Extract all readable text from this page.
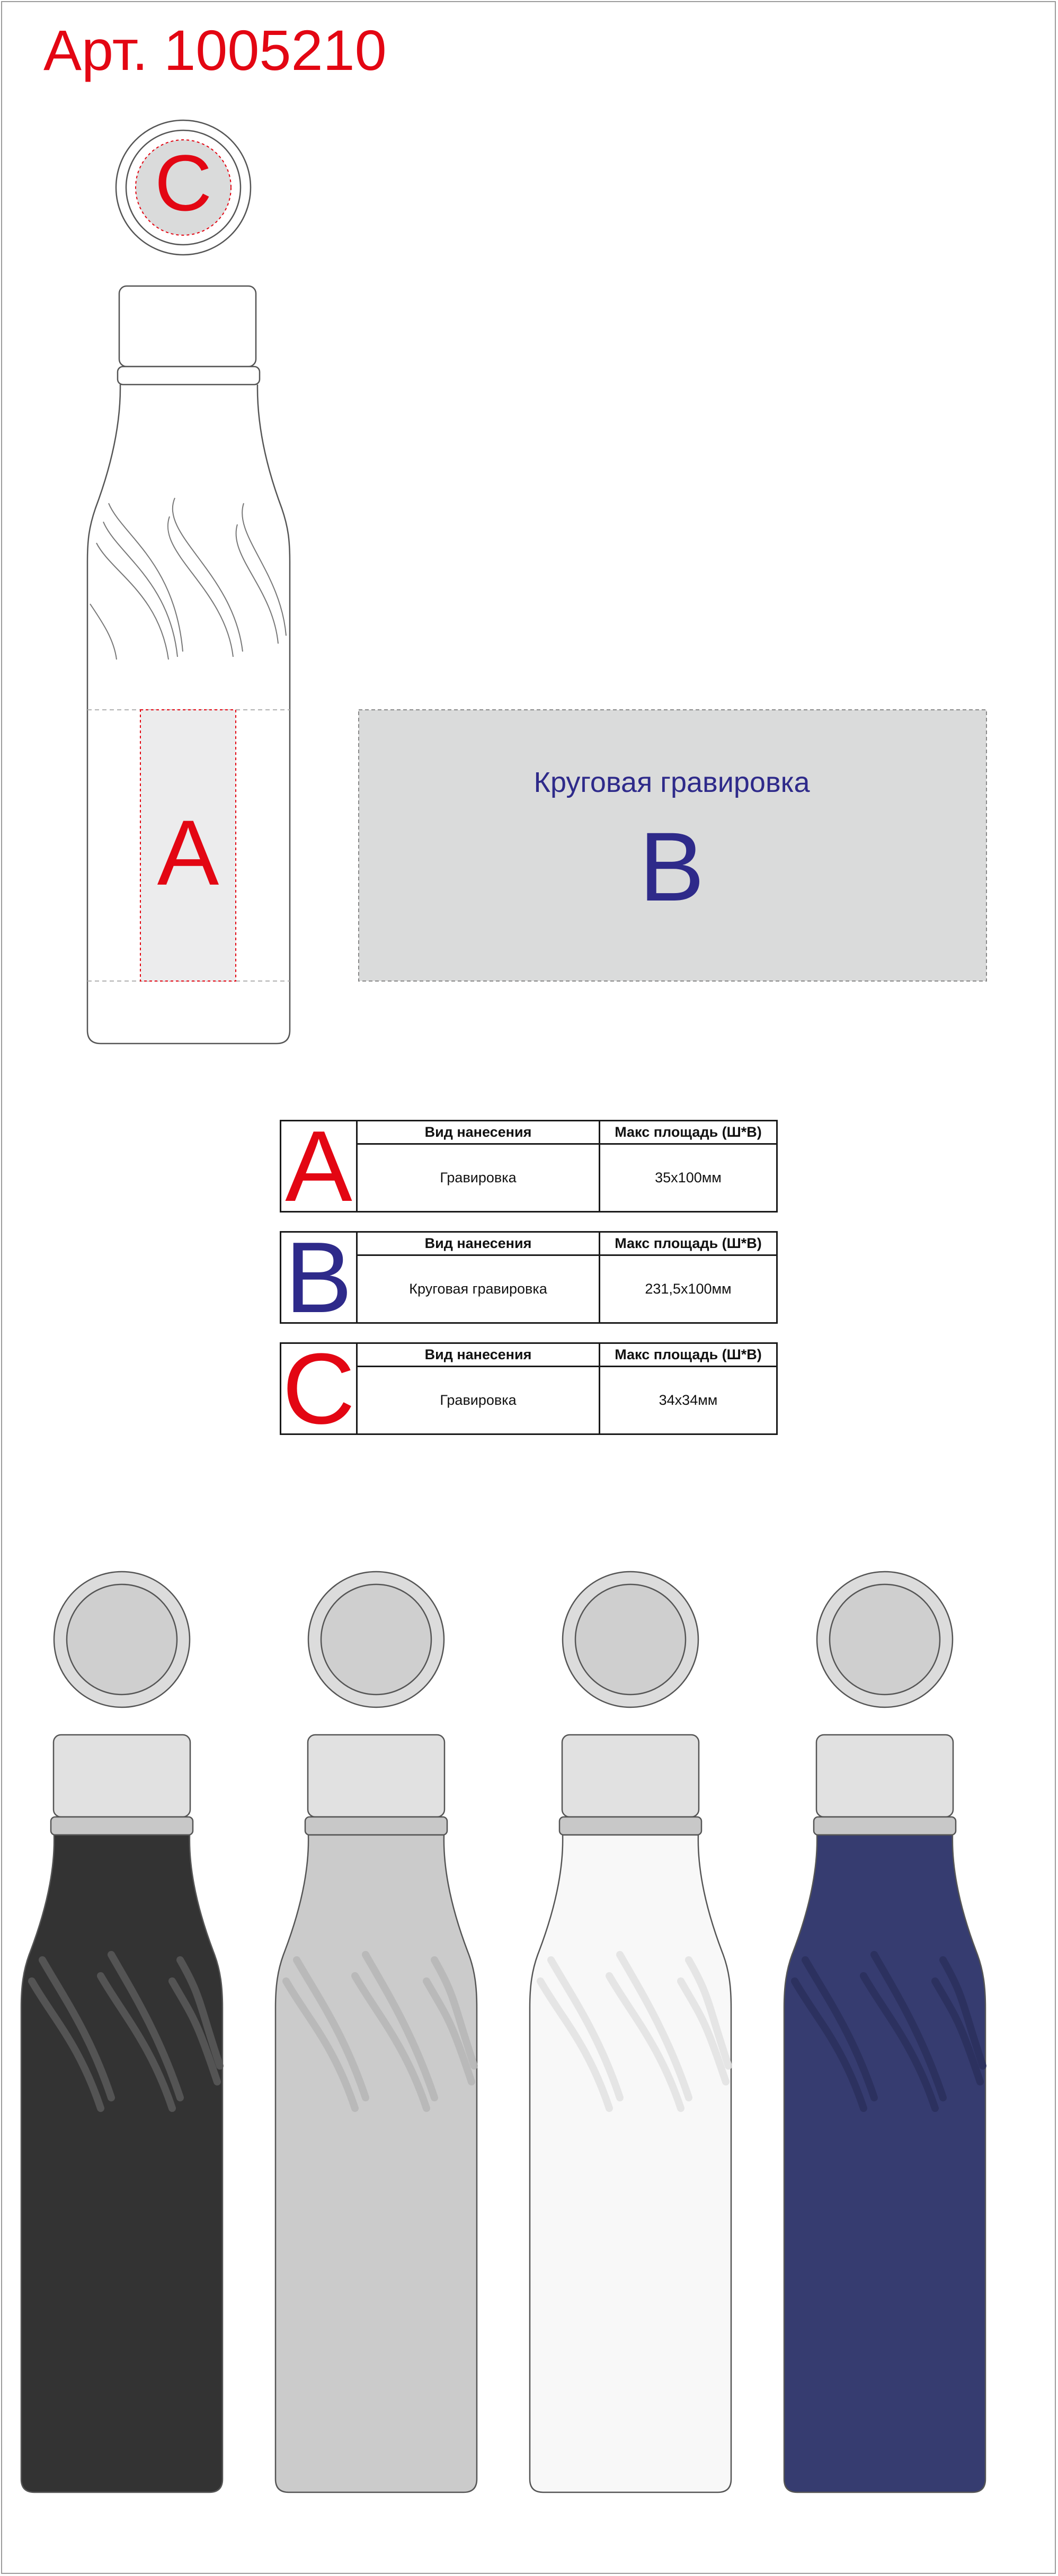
Арт. 1005210
C
A
Круговая гравировка
B
A	Вид нанесения	Макс площадь (Ш*В)
Гравировка	35x100мм
B	Вид нанесения	Макс площадь (Ш*В)
Круговая гравировка	231,5x100мм
C	Вид нанесения	Макс площадь (Ш*В)
Гравировка	34x34мм
